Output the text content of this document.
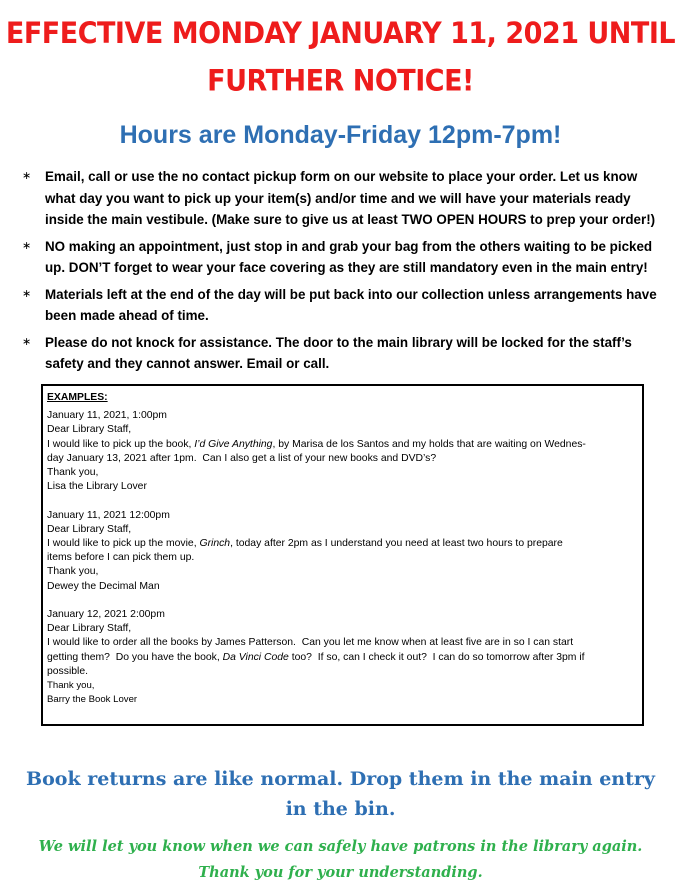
EFFECTIVE MONDAY JANUARY 11, 2021 UNTIL
FURTHER NOTICE!
Hours are Monday-Friday 12pm-7pm!
∗ Email, call or use the no contact pickup form on our website to place your order. Let us know what day you want to pick up your item(s) and/or time and we will have your materials ready inside the main vestibule. (Make sure to give us at least TWO OPEN HOURS to prep your order!)
∗ NO making an appointment, just stop in and grab your bag from the others waiting to be picked up. DON’T forget to wear your face covering as they are still mandatory even in the main entry!
∗ Materials left at the end of the day will be put back into our collection unless arrangements have been made ahead of time.
∗ Please do not knock for assistance. The door to the main library will be locked for the staff’s safety and they cannot answer. Email or call.
EXAMPLES:
January 11, 2021, 1:00pm
Dear Library Staff,
I would like to pick up the book, I’d Give Anything, by Marisa de los Santos and my holds that are waiting on Wednes-
day January 13, 2021 after 1pm.  Can I also get a list of your new books and DVD’s?
Thank you,
Lisa the Library Lover
January 11, 2021 12:00pm
Dear Library Staff,
I would like to pick up the movie, Grinch, today after 2pm as I understand you need at least two hours to prepare
items before I can pick them up.
Thank you,
Dewey the Decimal Man
January 12, 2021 2:00pm
Dear Library Staff,
I would like to order all the books by James Patterson.  Can you let me know when at least five are in so I can start
getting them?  Do you have the book, Da Vinci Code too?  If so, can I check it out?  I can do so tomorrow after 3pm if
possible.
Thank you,
Barry the Book Lover
Book returns are like normal. Drop them in the main entry
in the bin.
We will let you know when we can safely have patrons in the library again.
Thank you for your understanding.
